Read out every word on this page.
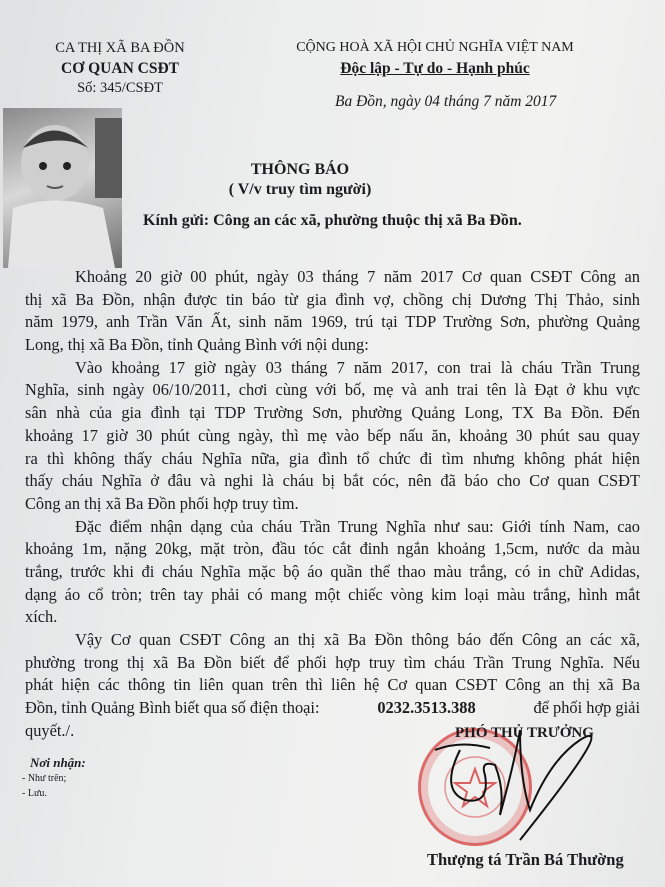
CA THỊ XÃ BA ĐỒN
CƠ QUAN CSĐT
Số: 345/CSĐT
CỘNG HOÀ XÃ HỘI CHỦ NGHĨA VIỆT NAM
Độc lập - Tự do - Hạnh phúc
Ba Đồn, ngày 04 tháng 7 năm 2017
THÔNG BÁO
( V/v truy tìm người)
Kính gửi: Công an các xã, phường thuộc thị xã Ba Đồn.
Khoảng 20 giờ 00 phút, ngày 03 tháng 7 năm 2017 Cơ quan CSĐT Công an
thị xã Ba Đồn, nhận được tin báo từ gia đình vợ, chồng chị Dương Thị Thảo, sinh
năm 1979, anh Trần Văn Ất, sinh năm 1969, trú tại TDP Trường Sơn, phường Quảng
Long, thị xã Ba Đồn, tỉnh Quảng Bình với nội dung:
Vào khoảng 17 giờ ngày 03 tháng 7 năm 2017, con trai là cháu Trần Trung
Nghĩa, sinh ngày 06/10/2011, chơi cùng với bố, mẹ và anh trai tên là Đạt ở khu vực
sân nhà của gia đình tại TDP Trường Sơn, phường Quảng Long, TX Ba Đồn. Đến
khoảng 17 giờ 30 phút cùng ngày, thì mẹ vào bếp nấu ăn, khoảng 30 phút sau quay
ra thì không thấy cháu Nghĩa nữa, gia đình tổ chức đi tìm nhưng không phát hiện
thấy cháu Nghĩa ở đâu và nghi là cháu bị bắt cóc, nên đã báo cho Cơ quan CSĐT
Công an thị xã Ba Đồn phối hợp truy tìm.
Đặc điểm nhận dạng của cháu Trần Trung Nghĩa như sau: Giới tính Nam, cao
khoảng 1m, nặng 20kg, mặt tròn, đầu tóc cắt đinh ngắn khoảng 1,5cm, nước da màu
trắng, trước khi đi cháu Nghĩa mặc bộ áo quần thể thao màu trắng, có in chữ Adidas,
dạng áo cổ tròn; trên tay phải có mang một chiếc vòng kim loại màu trắng, hình mắt
xích.
Vậy Cơ quan CSĐT Công an thị xã Ba Đồn thông báo đến Công an các xã,
phường trong thị xã Ba Đồn biết để phối hợp truy tìm cháu Trần Trung Nghĩa. Nếu
phát hiện các thông tin liên quan trên thì liên hệ Cơ quan CSĐT Công an thị xã Ba
Đồn, tỉnh Quảng Bình biết qua số điện thoại:	0232.3513.388	để phối hợp giải
quyết./.
Nơi nhận:
- Như trên;
- Lưu.
PHÓ THỦ TRƯỞNG
Thượng tá Trần Bá Thường
